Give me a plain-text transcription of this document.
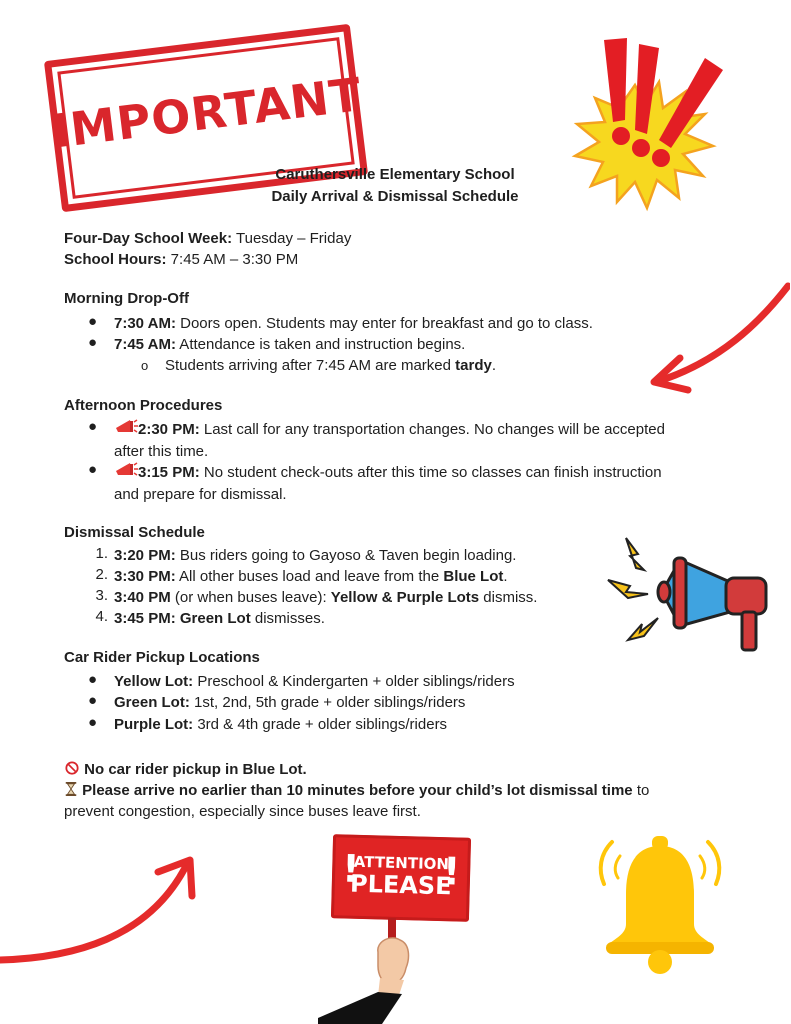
IMPORTANT
Caruthersville Elementary School
Daily Arrival & Dismissal Schedule
Four-Day School Week: Tuesday – Friday
School Hours: 7:45 AM – 3:30 PM
Morning Drop-Off
● 7:30 AM: Doors open. Students may enter for breakfast and go to class.
● 7:45 AM: Attendance is taken and instruction begins.
o Students arriving after 7:45 AM are marked tardy.
Afternoon Procedures
●	2:30 PM: Last call for any transportation changes. No changes will be accepted
after this time.
●	3:15 PM: No student check-outs after this time so classes can finish instruction
and prepare for dismissal.
Dismissal Schedule
1. 3:20 PM: Bus riders going to Gayoso & Taven begin loading.
2. 3:30 PM: All other buses load and leave from the Blue Lot.
3. 3:40 PM (or when buses leave): Yellow & Purple Lots dismiss.
4. 3:45 PM: Green Lot dismisses.
Car Rider Pickup Locations
● Yellow Lot: Preschool & Kindergarten + older siblings/riders
● Green Lot: 1st, 2nd, 5th grade + older siblings/riders
● Purple Lot: 3rd & 4th grade + older siblings/riders
No car rider pickup in Blue Lot.
Please arrive no earlier than 10 minutes before your child’s lot dismissal time to
prevent congestion, especially since buses leave first.
! !
ATTENTION
PLEASE
